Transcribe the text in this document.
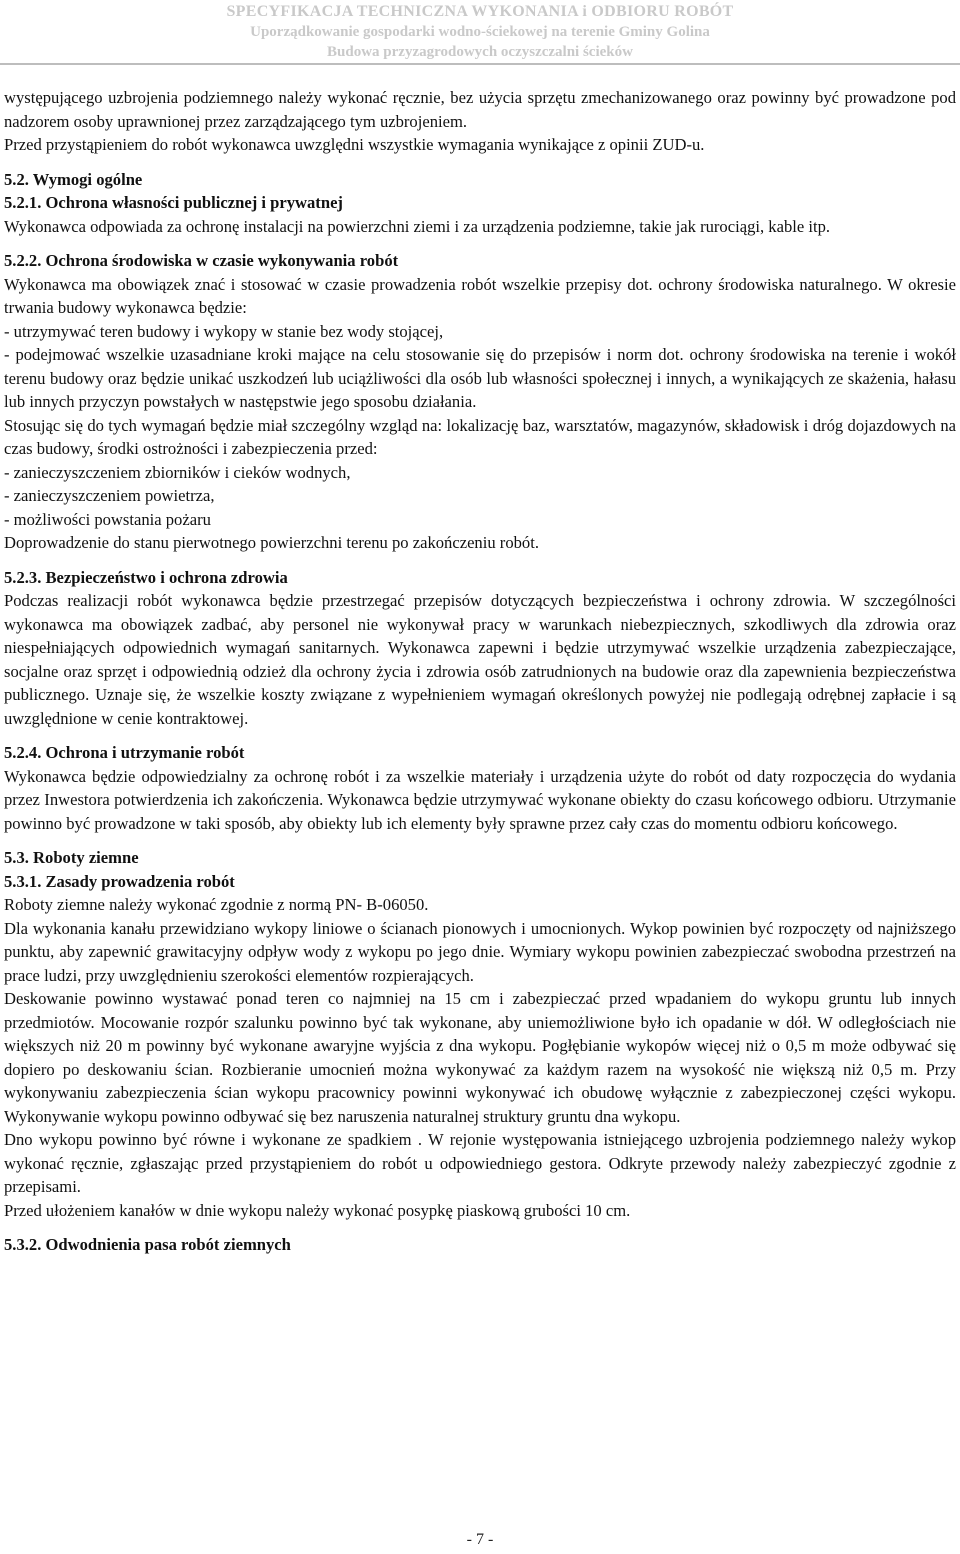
SPECYFIKACJA TECHNICZNA WYKONANIA i ODBIORU ROBÓT
Uporządkowanie gospodarki wodno-ściekowej na terenie Gminy Golina
Budowa przyzagrodowych oczyszczalni ścieków

występującego uzbrojenia podziemnego należy wykonać ręcznie, bez użycia sprzętu zmechanizowanego oraz powinny być prowadzone pod nadzorem osoby uprawnionej przez zarządzającego tym uzbrojeniem.

Przed przystąpieniem do robót wykonawca uwzględni wszystkie wymagania wynikające z opinii ZUD-u.

5.2. Wymogi ogólne

5.2.1. Ochrona własności publicznej i prywatnej

Wykonawca odpowiada za ochronę instalacji na powierzchni ziemi i za urządzenia podziemne, takie jak rurociągi, kable itp.

5.2.2. Ochrona środowiska w czasie wykonywania robót

Wykonawca ma obowiązek znać i stosować w czasie prowadzenia robót wszelkie przepisy dot. ochrony środowiska naturalnego. W okresie trwania budowy wykonawca będzie:

- utrzymywać teren budowy i wykopy w stanie bez wody stojącej,

- podejmować wszelkie uzasadniane kroki mające na celu stosowanie się do przepisów i norm dot. ochrony środowiska na terenie i wokół terenu budowy oraz będzie unikać uszkodzeń lub uciążliwości dla osób lub własności społecznej i innych, a wynikających ze skażenia, hałasu lub innych przyczyn powstałych w następstwie jego sposobu działania.

Stosując się do tych wymagań będzie miał szczególny wzgląd na: lokalizację baz, warsztatów, magazynów, składowisk i dróg dojazdowych na czas budowy, środki ostrożności i zabezpieczenia przed:

- zanieczyszczeniem zbiorników i cieków wodnych,

- zanieczyszczeniem powietrza,

- możliwości powstania pożaru

Doprowadzenie do stanu pierwotnego powierzchni terenu po zakończeniu robót.

5.2.3. Bezpieczeństwo i ochrona zdrowia

Podczas realizacji robót wykonawca będzie przestrzegać przepisów dotyczących bezpieczeństwa i ochrony zdrowia. W szczególności wykonawca ma obowiązek zadbać, aby personel nie wykonywał pracy w warunkach niebezpiecznych, szkodliwych dla zdrowia oraz niespełniających odpowiednich wymagań sanitarnych. Wykonawca zapewni i będzie utrzymywać wszelkie urządzenia zabezpieczające, socjalne oraz sprzęt i odpowiednią odzież dla ochrony życia i zdrowia osób zatrudnionych na budowie oraz dla zapewnienia bezpieczeństwa publicznego. Uznaje się, że wszelkie koszty związane z wypełnieniem wymagań określonych powyżej nie podlegają odrębnej zapłacie i są uwzględnione w cenie kontraktowej.

5.2.4. Ochrona i utrzymanie robót

Wykonawca będzie odpowiedzialny za ochronę robót i za wszelkie materiały i urządzenia użyte do robót od daty rozpoczęcia do wydania przez Inwestora potwierdzenia ich zakończenia. Wykonawca będzie utrzymywać wykonane obiekty do czasu końcowego odbioru. Utrzymanie powinno być prowadzone w taki sposób, aby obiekty lub ich elementy były sprawne przez cały czas do momentu odbioru końcowego.

5.3. Roboty ziemne

5.3.1. Zasady prowadzenia robót

Roboty ziemne należy wykonać zgodnie z normą PN- B-06050.

Dla wykonania kanału przewidziano wykopy liniowe o ścianach pionowych i umocnionych. Wykop powinien być rozpoczęty od najniższego punktu, aby zapewnić grawitacyjny odpływ wody z wykopu po jego dnie. Wymiary wykopu powinien zabezpieczać swobodna przestrzeń na prace ludzi, przy uwzględnieniu szerokości elementów rozpierających.

Deskowanie powinno wystawać ponad teren co najmniej na 15 cm i zabezpieczać przed wpadaniem do wykopu gruntu lub innych przedmiotów. Mocowanie rozpór szalunku powinno być tak wykonane, aby uniemożliwione było ich opadanie w dół. W odległościach nie większych niż 20 m powinny być wykonane awaryjne wyjścia z dna wykopu. Pogłębianie wykopów więcej niż o 0,5 m może odbywać się dopiero po deskowaniu ścian. Rozbieranie umocnień można wykonywać za każdym razem na wysokość nie większą niż 0,5 m. Przy wykonywaniu zabezpieczenia ścian wykopu pracownicy powinni wykonywać ich obudowę wyłącznie z zabezpieczonej części wykopu. Wykonywanie wykopu powinno odbywać się bez naruszenia naturalnej struktury gruntu dna wykopu.

Dno wykopu powinno być równe i wykonane ze spadkiem . W rejonie występowania istniejącego uzbrojenia podziemnego należy wykop wykonać ręcznie, zgłaszając przed przystąpieniem do robót u odpowiedniego gestora. Odkryte przewody należy zabezpieczyć zgodnie z przepisami.

Przed ułożeniem kanałów w dnie wykopu należy wykonać posypkę piaskową grubości 10 cm.

5.3.2. Odwodnienia pasa robót ziemnych

- 7 -
